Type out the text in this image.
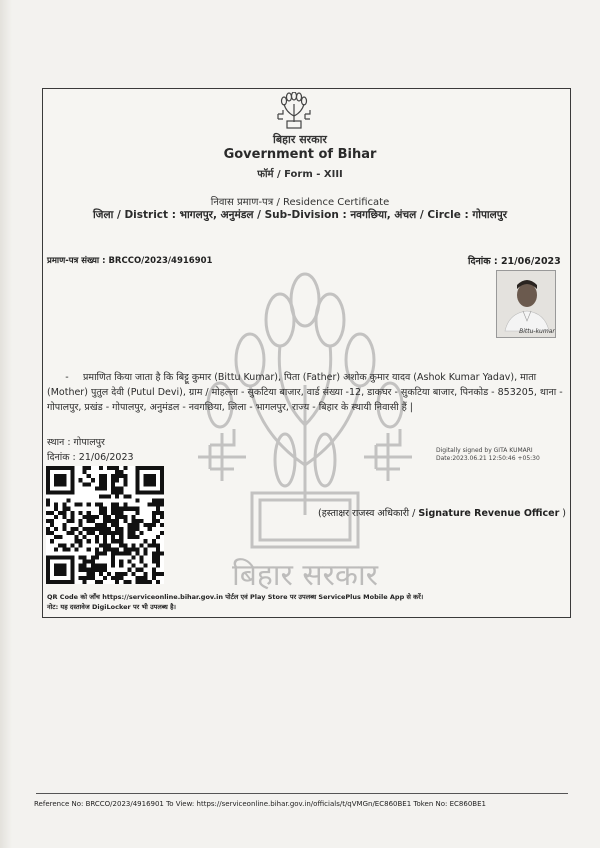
बिहार सरकार
बिहार सरकार
Government of Bihar
फॉर्म / Form - XIII
निवास प्रमाण-पत्र / Residence Certificate
जिला / District : भागलपुर, अनुमंडल / Sub-Division : नवगछिया, अंचल / Circle : गोपालपुर
प्रमाण-पत्र संख्या : BRCCO/2023/4916901	दिनांक : 21/06/2023
Bittu-kumar
- प्रमाणित किया जाता है कि बिट्टू कुमार (Bittu Kumar), पिता (Father) अशोक कुमार यादव (Ashok Kumar Yadav), माता (Mother) पुतुल देवी (Putul Devi), ग्राम / मोहल्ला - सुकटिया बाजार, वार्ड संख्या -12, डाकघर - सुकटिया बाजार, पिनकोड - 853205, थाना - गोपालपुर, प्रखंड - गोपालपुर, अनुमंडल - नवगछिया, जिला - भागलपुर, राज्य - बिहार के स्थायी निवासी हैं |
स्थान : गोपालपुर
दिनांक : 21/06/2023
Digitally signed by GITA KUMARI
Date:2023.06.21 12:50:46 +05:30
(हस्ताक्षर राजस्व अधिकारी / Signature Revenue Officer )
QR Code को जाँच https://serviceonline.bihar.gov.in पोर्टल एवं Play Store पर उपलब्ध ServicePlus Mobile App से करें।
नोट: यह दस्तावेज DigiLocker पर भी उपलब्ध है।
Reference No: BRCCO/2023/4916901 To View: https://serviceonline.bihar.gov.in/officials/t/qVMGn/EC860BE1 Token No: EC860BE1
